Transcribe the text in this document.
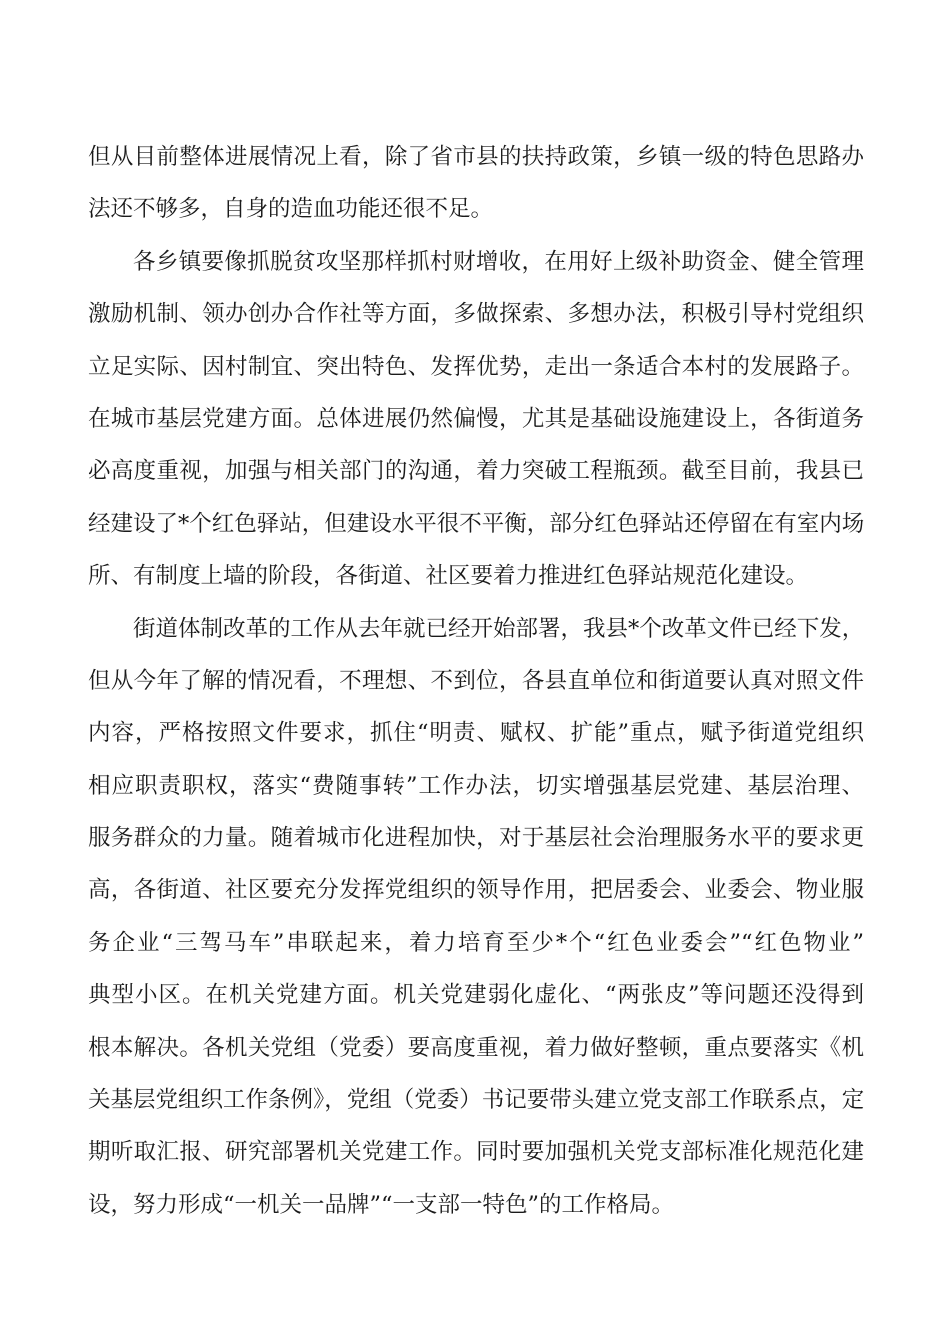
但从目前整体进展情况上看，除了省市县的扶持政策，乡镇一级的特色思路办
法还不够多，自身的造血功能还很不足。
各乡镇要像抓脱贫攻坚那样抓村财增收，在用好上级补助资金、健全管理
激励机制、领办创办合作社等方面，多做探索、多想办法，积极引导村党组织
立足实际、因村制宜、突出特色、发挥优势，走出一条适合本村的发展路子。
在城市基层党建方面。总体进展仍然偏慢，尤其是基础设施建设上，各街道务
必高度重视，加强与相关部门的沟通，着力突破工程瓶颈。截至目前，我县已
经建设了*个红色驿站，但建设水平很不平衡，部分红色驿站还停留在有室内场
所、有制度上墙的阶段，各街道、社区要着力推进红色驿站规范化建设。
街道体制改革的工作从去年就已经开始部署，我县*个改革文件已经下发，
但从今年了解的情况看，不理想、不到位，各县直单位和街道要认真对照文件
内容，严格按照文件要求，抓住“明责、赋权、扩能”重点，赋予街道党组织
相应职责职权，落实“费随事转”工作办法，切实增强基层党建、基层治理、
服务群众的力量。随着城市化进程加快，对于基层社会治理服务水平的要求更
高，各街道、社区要充分发挥党组织的领导作用，把居委会、业委会、物业服
务企业“三驾马车”串联起来，着力培育至少*个“红色业委会”“红色物业”
典型小区。在机关党建方面。机关党建弱化虚化、“两张皮”等问题还没得到
根本解决。各机关党组（党委）要高度重视，着力做好整顿，重点要落实《机
关基层党组织工作条例》，党组（党委）书记要带头建立党支部工作联系点，定
期听取汇报、研究部署机关党建工作。同时要加强机关党支部标准化规范化建
设，努力形成“一机关一品牌”“一支部一特色”的工作格局。
